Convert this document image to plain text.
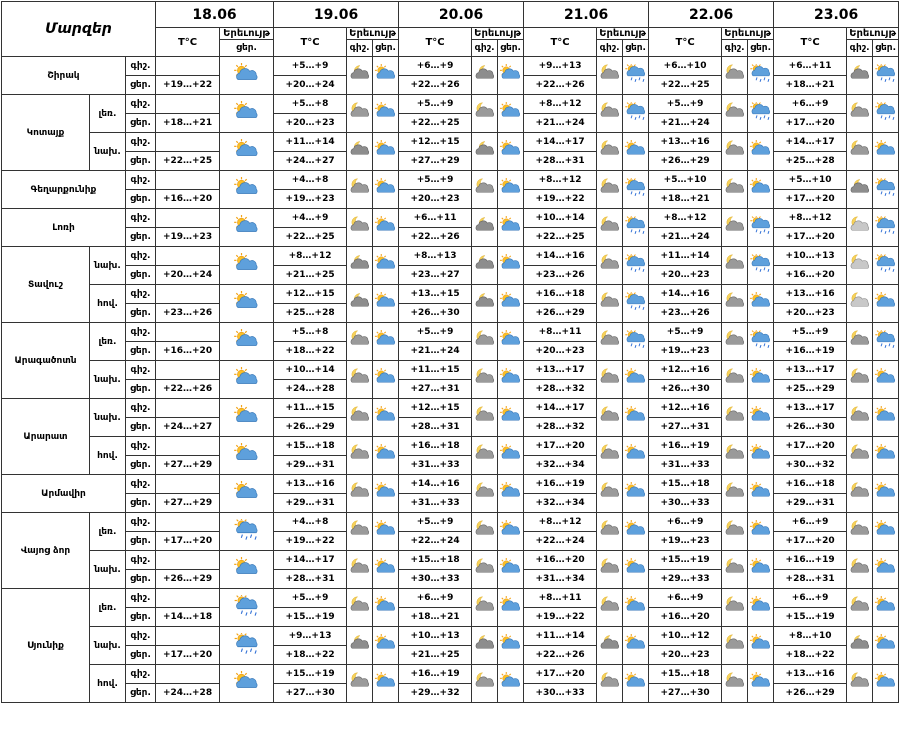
Մարզեր			18.06		19.06			20.06			21.06			22.06			23.06		
			T°C	Երեւույթ	T°C	Երեւույթ		T°C	Երեւույթ		T°C	Երեւույթ		T°C	Երեւույթ		T°C	Երեւույթ	
				ցեր.		գիշ.	ցեր.		գիշ.	ցեր.		գիշ.	ցեր.		գիշ.	ցեր.		գիշ.	ցեր.
Շիրակ		գիշ.			+5…+9			+6…+9			+9…+13			+6…+10			+6…+11		
		ցեր.	+19…+22		+20…+24			+22…+26			+22…+26			+22…+25			+18…+21		
Կոտայք	լեռ.	գիշ.			+5…+8			+5…+9			+8…+12			+5…+9			+6…+9		
		ցեր.	+18…+21		+20…+23			+22…+25			+21…+24			+21…+24			+17…+20		
	նախ.	գիշ.			+11…+14			+12…+15			+14…+17			+13…+16			+14…+17		
		ցեր.	+22…+25		+24…+27			+27…+29			+28…+31			+26…+29			+25…+28		
Գեղարքունիք		գիշ.			+4…+8			+5…+9			+8…+12			+5…+10			+5…+10		
		ցեր.	+16…+20		+19…+23			+20…+23			+19…+22			+18…+21			+17…+20		
Լոռի		գիշ.			+4…+9			+6…+11			+10…+14			+8…+12			+8…+12		
		ցեր.	+19…+23		+22…+25			+22…+26			+22…+25			+21…+24			+17…+20		
Տավուշ	նախ.	գիշ.			+8…+12			+8…+13			+14…+16			+11…+14			+10…+13		
		ցեր.	+20…+24		+21…+25			+23…+27			+23…+26			+20…+23			+16…+20		
	հով.	գիշ.			+12…+15			+13…+15			+16…+18			+14…+16			+13…+16		
		ցեր.	+23…+26		+25…+28			+26…+30			+26…+29			+23…+26			+20…+23		
Արագածոտն	լեռ.	գիշ.			+5…+8			+5…+9			+8…+11			+5…+9			+5…+9		
		ցեր.	+16…+20		+18…+22			+21…+24			+20…+23			+19…+23			+16…+19		
	նախ.	գիշ.			+10…+14			+11…+15			+13…+17			+12…+16			+13…+17		
		ցեր.	+22…+26		+24…+28			+27…+31			+28…+32			+26…+30			+25…+29		
Արարատ	նախ.	գիշ.			+11…+15			+12…+15			+14…+17			+12…+16			+13…+17		
		ցեր.	+24…+27		+26…+29			+28…+31			+28…+32			+27…+31			+26…+30		
	հով.	գիշ.			+15…+18			+16…+18			+17…+20			+16…+19			+17…+20		
		ցեր.	+27…+29		+29…+31			+31…+33			+32…+34			+31…+33			+30…+32		
Արմավիր		գիշ.			+13…+16			+14…+16			+16…+19			+15…+18			+16…+18		
		ցեր.	+27…+29		+29…+31			+31…+33			+32…+34			+30…+33			+29…+31		
Վայոց ձոր	լեռ.	գիշ.			+4…+8			+5…+9			+8…+12			+6…+9			+6…+9		
		ցեր.	+17…+20		+19…+22			+22…+24			+22…+24			+19…+23			+17…+20		
	նախ.	գիշ.			+14…+17			+15…+18			+16…+20			+15…+19			+16…+19		
		ցեր.	+26…+29		+28…+31			+30…+33			+31…+34			+29…+33			+28…+31		
Սյունիք	լեռ.	գիշ.			+5…+9			+6…+9			+8…+11			+6…+9			+6…+9		
		ցեր.	+14…+18		+15…+19			+18…+21			+19…+22			+16…+20			+15…+19		
	նախ.	գիշ.			+9…+13			+10…+13			+11…+14			+10…+12			+8…+10		
		ցեր.	+17…+20		+18…+22			+21…+25			+22…+26			+20…+23			+18…+22		
	հով.	գիշ.			+15…+19			+16…+19			+17…+20			+15…+18			+13…+16		
		ցեր.	+24…+28		+27…+30			+29…+32			+30…+33			+27…+30			+26…+29		
